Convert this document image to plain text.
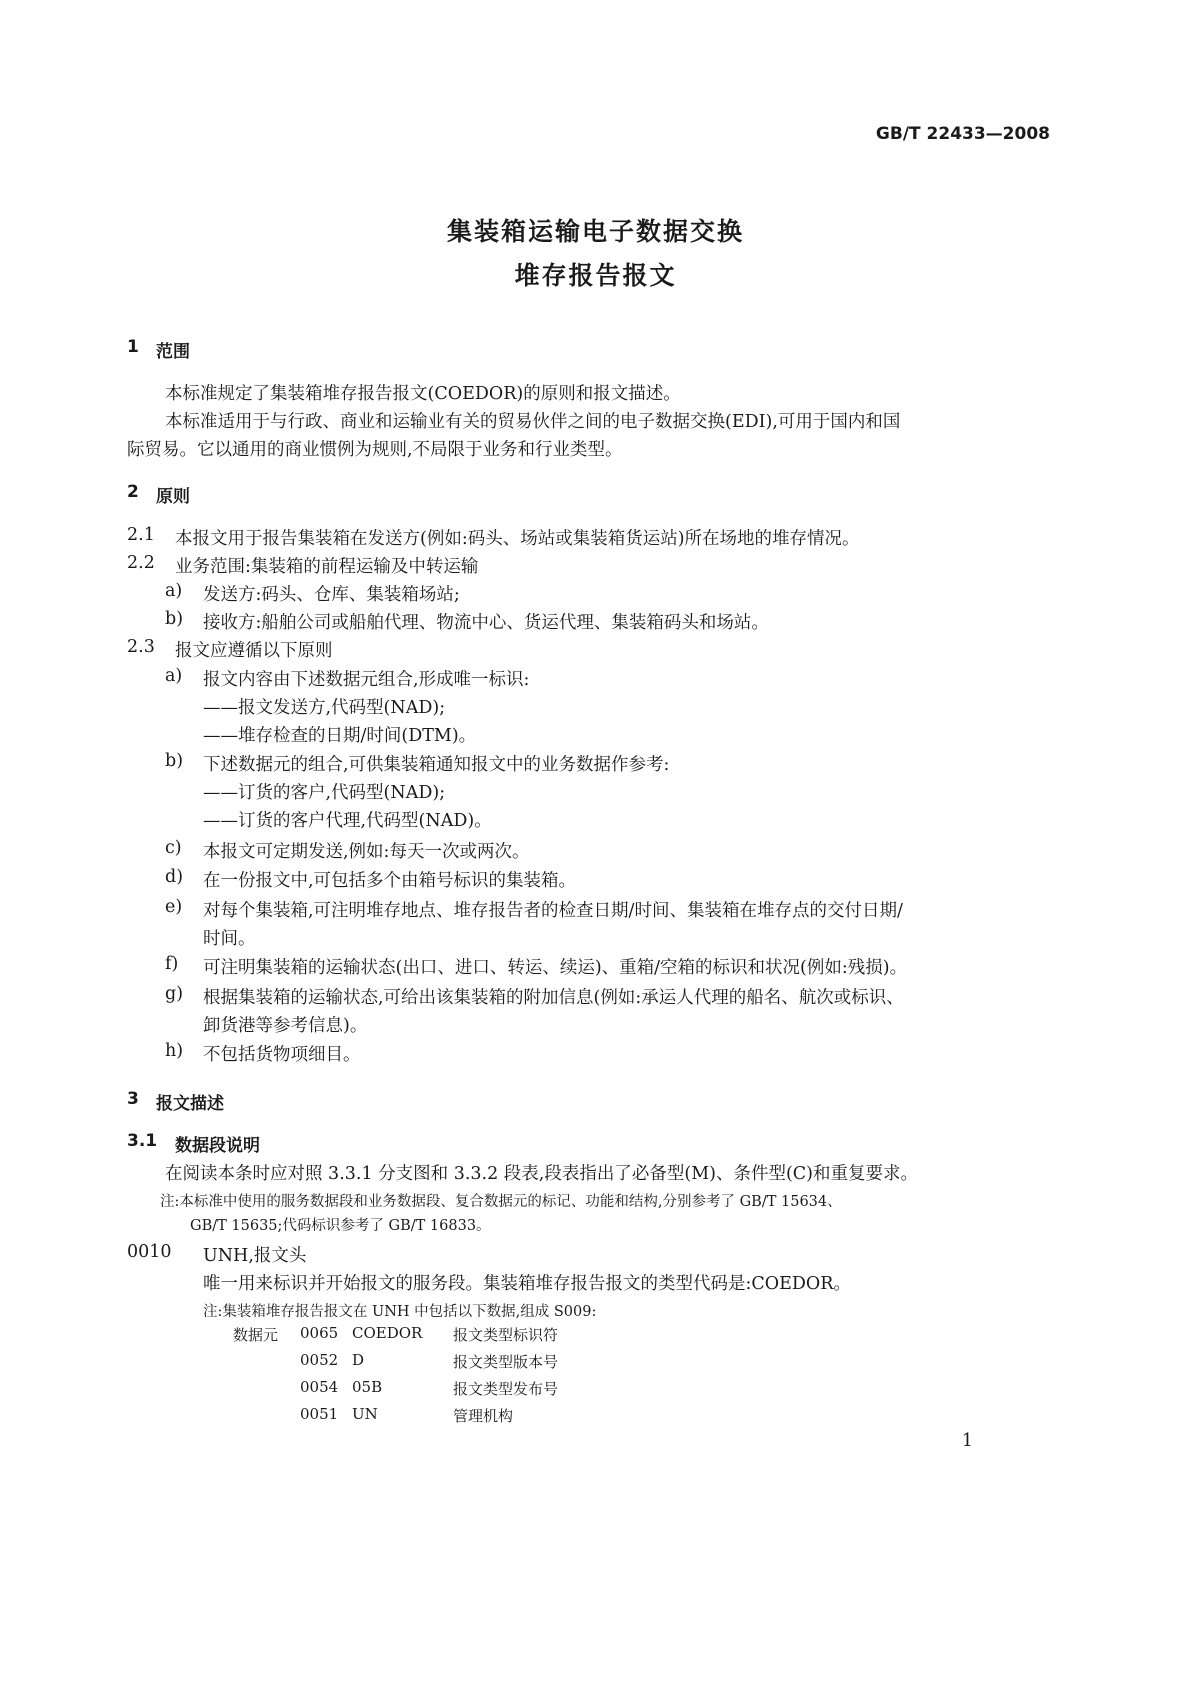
GB/T 22433—2008
集装箱运输电子数据交换
堆存报告报文
1 范围
本标准规定了集装箱堆存报告报文(COEDOR)的原则和报文描述。
本标准适用于与行政、商业和运输业有关的贸易伙伴之间的电子数据交换(EDI),可用于国内和国
际贸易。它以通用的商业惯例为规则,不局限于业务和行业类型。
2 原则
2.1 本报文用于报告集装箱在发送方(例如:码头、场站或集装箱货运站)所在场地的堆存情况。
2.2 业务范围:集装箱的前程运输及中转运输
a) 发送方:码头、仓库、集装箱场站;
b) 接收方:船舶公司或船舶代理、物流中心、货运代理、集装箱码头和场站。
2.3 报文应遵循以下原则
a) 报文内容由下述数据元组合,形成唯一标识:
——报文发送方,代码型(NAD);
——堆存检查的日期/时间(DTM)。
b) 下述数据元的组合,可供集装箱通知报文中的业务数据作参考:
——订货的客户,代码型(NAD);
——订货的客户代理,代码型(NAD)。
c) 本报文可定期发送,例如:每天一次或两次。
d) 在一份报文中,可包括多个由箱号标识的集装箱。
e) 对每个集装箱,可注明堆存地点、堆存报告者的检查日期/时间、集装箱在堆存点的交付日期/
时间。
f) 可注明集装箱的运输状态(出口、进口、转运、续运)、重箱/空箱的标识和状况(例如:残损)。
g) 根据集装箱的运输状态,可给出该集装箱的附加信息(例如:承运人代理的船名、航次或标识、
卸货港等参考信息)。
h) 不包括货物项细目。
3 报文描述
3.1 数据段说明
在阅读本条时应对照 3.3.1 分支图和 3.3.2 段表,段表指出了必备型(M)、条件型(C)和重复要求。
注:本标准中使用的服务数据段和业务数据段、复合数据元的标记、功能和结构,分别参考了 GB/T 15634、
GB/T 15635;代码标识参考了 GB/T 16833。
0010 UNH,报文头
唯一用来标识并开始报文的服务段。集装箱堆存报告报文的类型代码是:COEDOR。
注:集装箱堆存报告报文在 UNH 中包括以下数据,组成 S009:
数据元 0065 COEDOR 报文类型标识符
0052 D	报文类型版本号
0054 05B	报文类型发布号
0051 UN	管理机构
1
